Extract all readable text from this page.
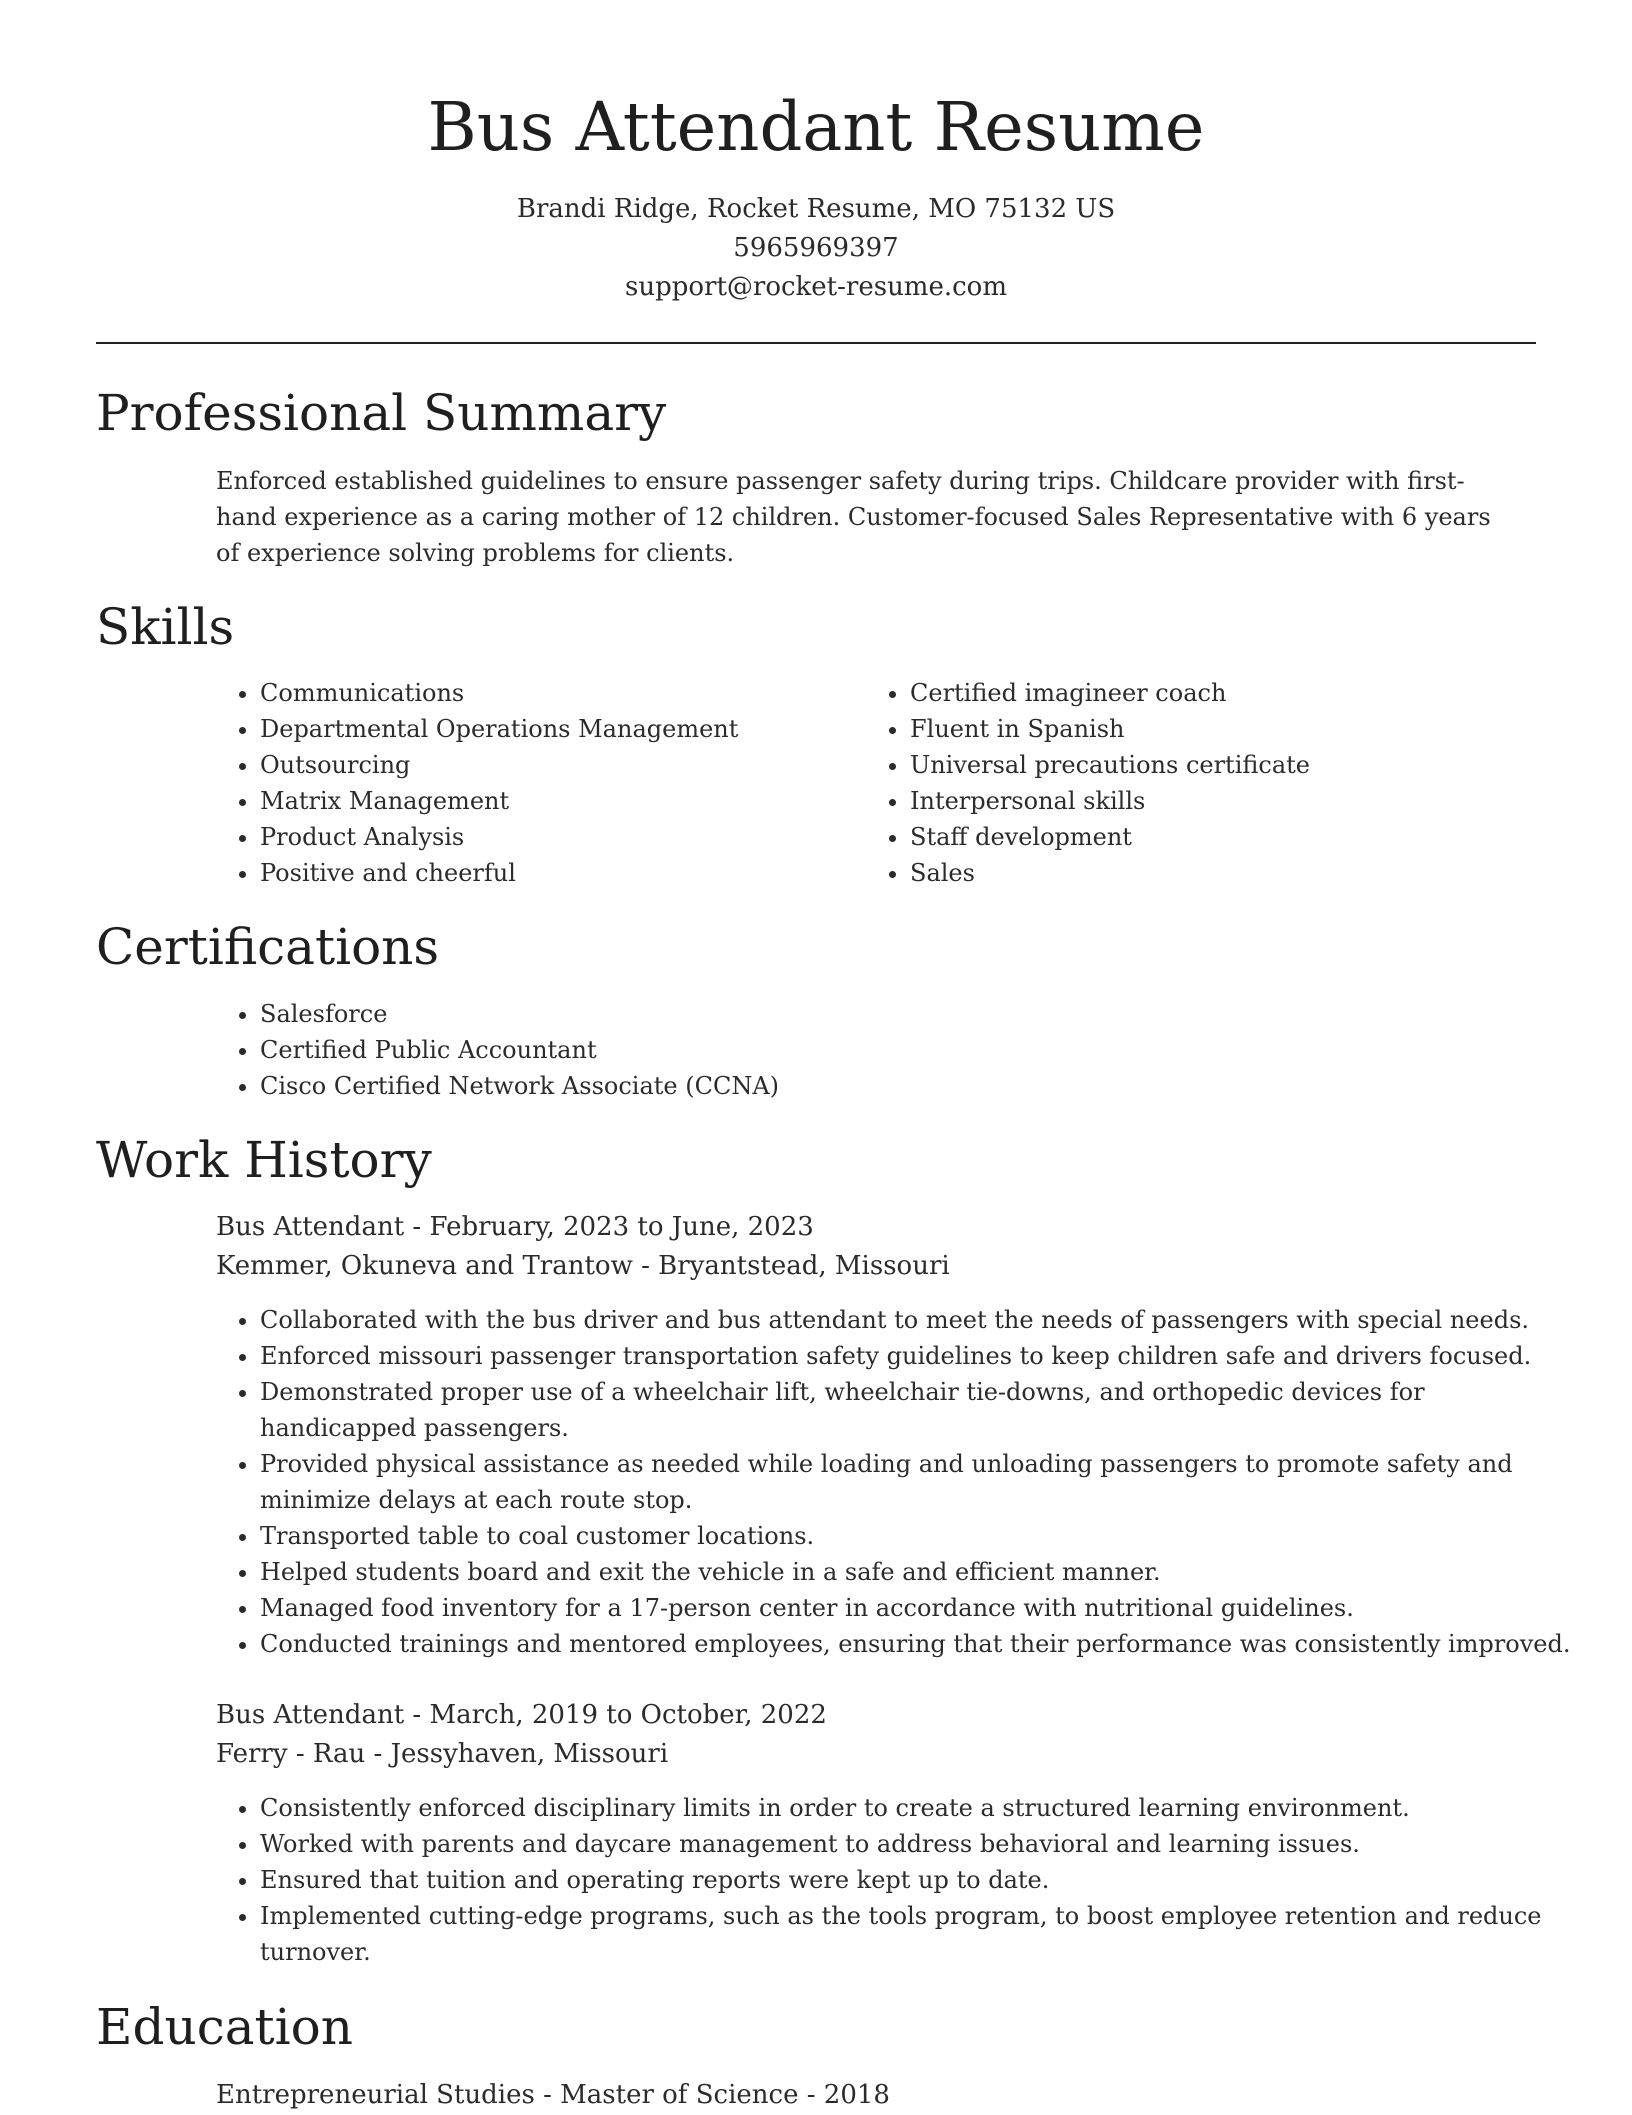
Bus Attendant Resume
Brandi Ridge, Rocket Resume, MO 75132 US
5965969397
support@rocket-resume.com
Professional Summary
Enforced established guidelines to ensure passenger safety during trips. Childcare provider with first-hand experience as a caring mother of 12 children. Customer-focused Sales Representative with 6 years of experience solving problems for clients.
Skills
• Communications
• Departmental Operations Management
• Outsourcing
• Matrix Management
• Product Analysis
• Positive and cheerful
• Certified imagineer coach
• Fluent in Spanish
• Universal precautions certificate
• Interpersonal skills
• Staff development
• Sales
Certifications
• Salesforce
• Certified Public Accountant
• Cisco Certified Network Associate (CCNA)
Work History
Bus Attendant - February, 2023 to June, 2023
Kemmer, Okuneva and Trantow - Bryantstead, Missouri
• Collaborated with the bus driver and bus attendant to meet the needs of passengers with special needs.
• Enforced missouri passenger transportation safety guidelines to keep children safe and drivers focused.
• Demonstrated proper use of a wheelchair lift, wheelchair tie-downs, and orthopedic devices for handicapped passengers.
• Provided physical assistance as needed while loading and unloading passengers to promote safety and minimize delays at each route stop.
• Transported table to coal customer locations.
• Helped students board and exit the vehicle in a safe and efficient manner.
• Managed food inventory for a 17-person center in accordance with nutritional guidelines.
• Conducted trainings and mentored employees, ensuring that their performance was consistently improved.
Bus Attendant - March, 2019 to October, 2022
Ferry - Rau - Jessyhaven, Missouri
• Consistently enforced disciplinary limits in order to create a structured learning environment.
• Worked with parents and daycare management to address behavioral and learning issues.
• Ensured that tuition and operating reports were kept up to date.
• Implemented cutting-edge programs, such as the tools program, to boost employee retention and reduce turnover.
Education
Entrepreneurial Studies - Master of Science - 2018
